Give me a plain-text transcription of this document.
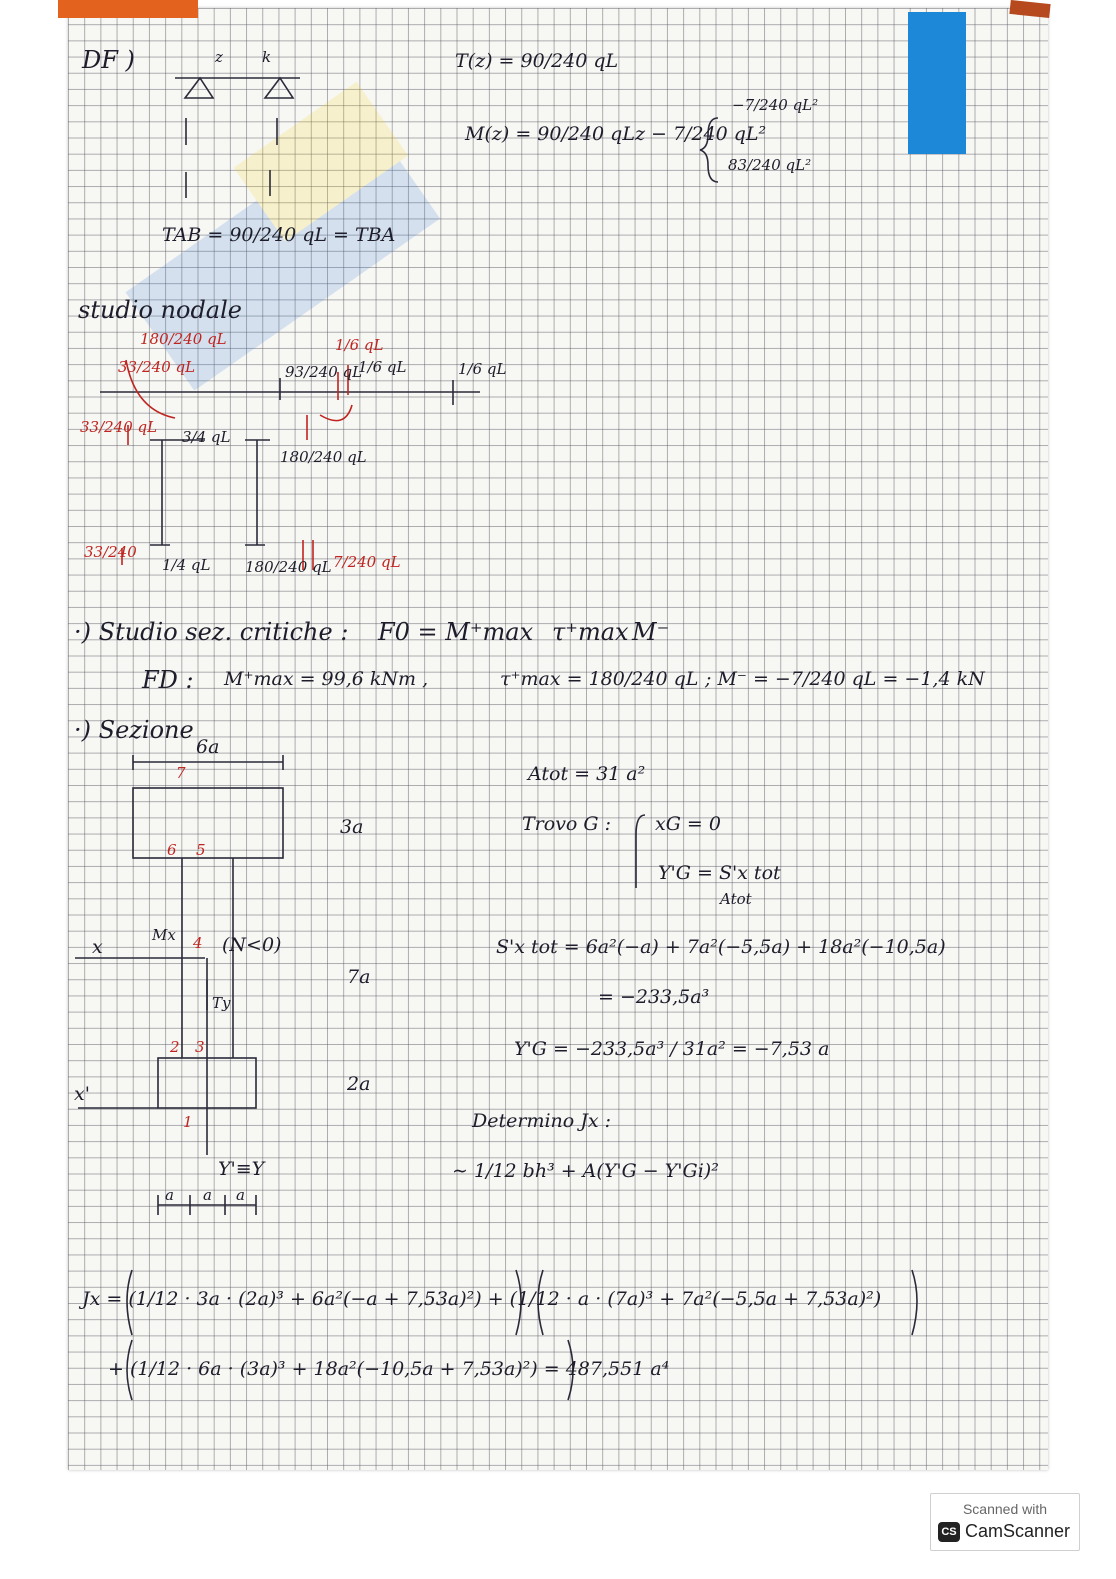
DF )	z	k	T(z) = 90/240 qL
M(z) = 90/240 qLz − 7/240 qL²
−7/240 qL²
83/240 qL²
TAB = 90/240 qL = TBA
studio nodale
180/240 qL
33/240 qL	93/240 qL
1/6 qL
1/6 qL	1/6 qL
33/240 qL
3/4 qL
180/240 qL
33/240
1/4 qL 180/240 qL 7/240 qL
·) Studio sez. critiche : F0 = M⁺max τ⁺max M⁻
FD : M⁺max = 99,6 kNm ,	τ⁺max = 180/240 qL ; M⁻ = −7/240 qL = −1,4 kN
·) Sezione
6a
3a
7a
2a
a a a
7
6 5
4
3
2
1
x
Mx (N<0)
Ty
x'
Y'≡Y
Atot = 31 a²
Trovo G : xG = 0
Y'G = S'x tot
Atot
S'x tot = 6a²(−a) + 7a²(−5,5a) + 18a²(−10,5a)
= −233,5a³
Y'G = −233,5a³ / 31a² = −7,53 a
Determino Jx :
∼ 1/12 bh³ + A(Y'G − Y'Gi)²
Jx = (1/12 · 3a · (2a)³ + 6a²(−a + 7,53a)²) + (1/12 · a · (7a)³ + 7a²(−5,5a + 7,53a)²)
+ (1/12 · 6a · (3a)³ + 18a²(−10,5a + 7,53a)²) = 487,551 a⁴
Scanned with
CS CamScanner
